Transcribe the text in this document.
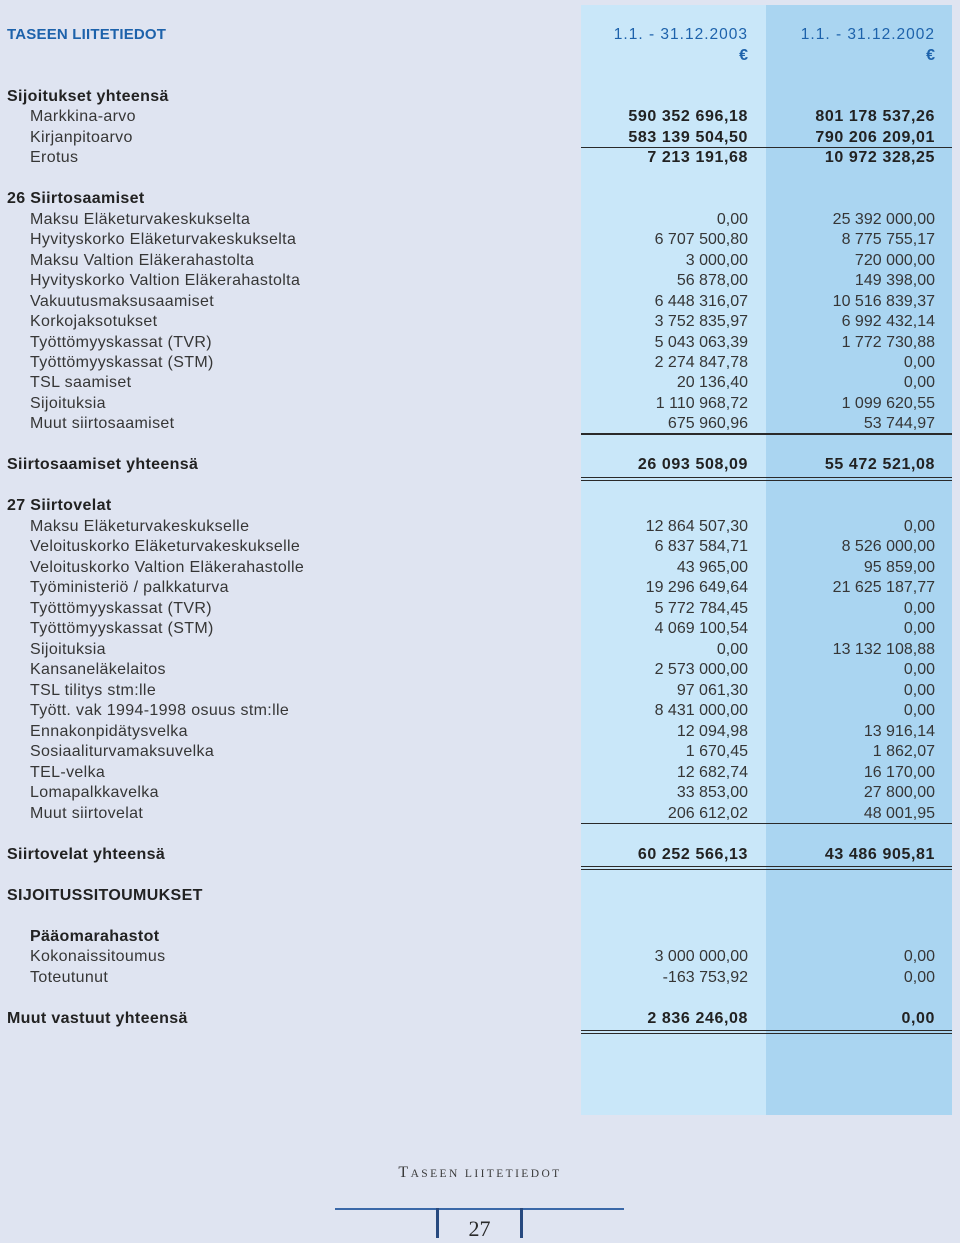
TASEEN LIITETIEDOT	1.1. - 31.12.2003	1.1. - 31.12.2002
€	€
Sijoitukset yhteensä
Markkina-arvo	590 352 696,18	801 178 537,26
Kirjanpitoarvo	583 139 504,50	790 206 209,01
Erotus	7 213 191,68	10 972 328,25
26 Siirtosaamiset
Maksu Eläketurvakeskukselta	0,00	25 392 000,00
Hyvityskorko Eläketurvakeskukselta	6 707 500,80	8 775 755,17
Maksu Valtion Eläkerahastolta	3 000,00	720 000,00
Hyvityskorko Valtion Eläkerahastolta	56 878,00	149 398,00
Vakuutusmaksusaamiset	6 448 316,07	10 516 839,37
Korkojaksotukset	3 752 835,97	6 992 432,14
Työttömyyskassat (TVR)	5 043 063,39	1 772 730,88
Työttömyyskassat (STM)	2 274 847,78	0,00
TSL saamiset	20 136,40	0,00
Sijoituksia	1 110 968,72	1 099 620,55
Muut siirtosaamiset	675 960,96	53 744,97
Siirtosaamiset yhteensä	26 093 508,09	55 472 521,08
27 Siirtovelat
Maksu Eläketurvakeskukselle	12 864 507,30	0,00
Veloituskorko Eläketurvakeskukselle	6 837 584,71	8 526 000,00
Veloituskorko Valtion Eläkerahastolle	43 965,00	95 859,00
Työministeriö / palkkaturva	19 296 649,64	21 625 187,77
Työttömyyskassat (TVR)	5 772 784,45	0,00
Työttömyyskassat (STM)	4 069 100,54	0,00
Sijoituksia	0,00	13 132 108,88
Kansaneläkelaitos	2 573 000,00	0,00
TSL tilitys stm:lle	97 061,30	0,00
Tyött. vak 1994-1998 osuus stm:lle	8 431 000,00	0,00
Ennakonpidätysvelka	12 094,98	13 916,14
Sosiaaliturvamaksuvelka	1 670,45	1 862,07
TEL-velka	12 682,74	16 170,00
Lomapalkkavelka	33 853,00	27 800,00
Muut siirtovelat	206 612,02	48 001,95
Siirtovelat yhteensä	60 252 566,13	43 486 905,81
SIJOITUSSITOUMUKSET
Pääomarahastot
Kokonaissitoumus	3 000 000,00	0,00
Toteutunut	-163 753,92	0,00
Muut vastuut yhteensä	2 836 246,08	0,00
TASEEN LIITETIEDOT
27
